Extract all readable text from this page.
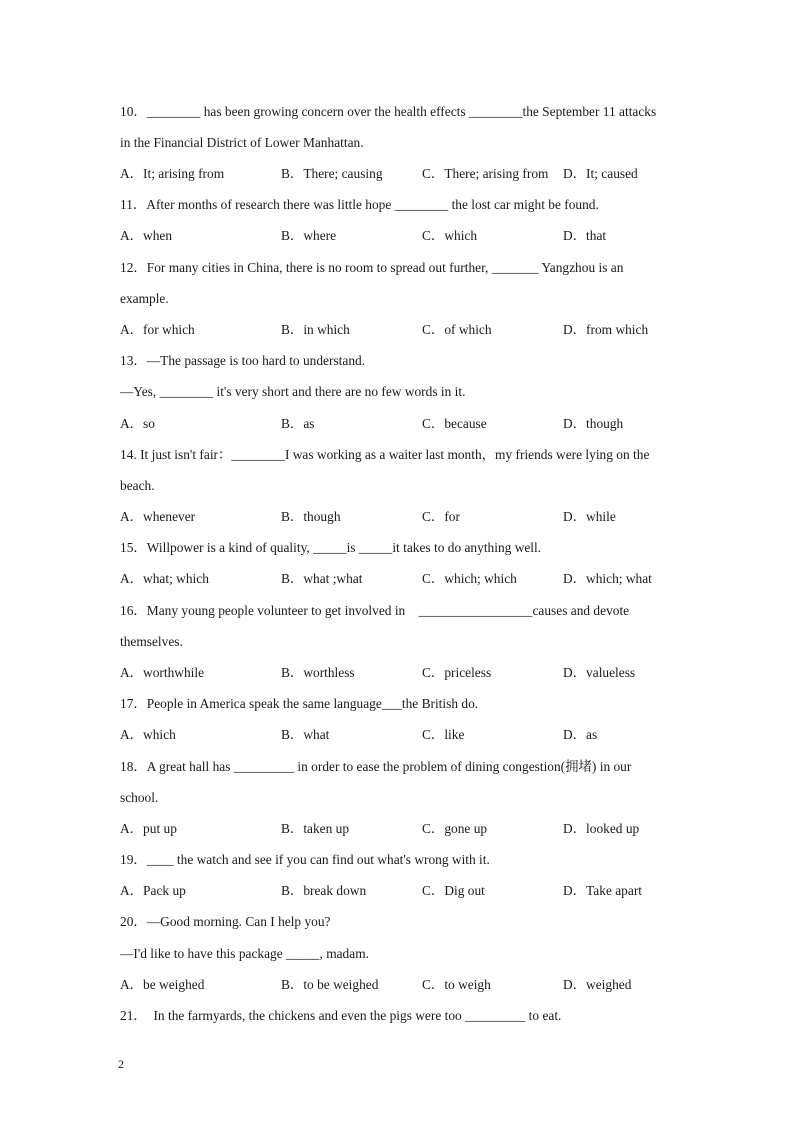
10．________ has been growing concern over the health effects ________the September 11 attacks
in the Financial District of Lower Manhattan.
A．It; arising from	B．There; causing	C．There; arising from D．It; caused
11．After months of research there was little hope ________ the lost car might be found.
A．when	B．where	C．which	D．that
12．For many cities in China, there is no room to spread out further, _______ Yangzhou is an
example.
A．for which	B．in which	C．of which	D．from which
13．—The passage is too hard to understand.
—Yes, ________ it's very short and there are no few words in it.
A．so	B．as	C．because	D．though
14. It just isn't fair：________I was working as a waiter last month，my friends were lying on the
beach.
A．whenever	B．though	C．for	D．while
15．Willpower is a kind of quality, _____is _____it takes to do anything well.
A．what; which	B．what ;what	C．which; which	D．which; what
16．Many young people volunteer to get involved in    _________________causes and devote
themselves.
A．worthwhile	B．worthless	C．priceless	D．valueless
17．People in America speak the same language___the British do.
A．which	B．what	C．like	D．as
18．A great hall has _________ in order to ease the problem of dining congestion(拥堵) in our
school.
A．put up	B．taken up	C．gone up	D．looked up
19．____ the watch and see if you can find out what's wrong with it.
A．Pack up	B．break down	C．Dig out	D．Take apart
20．—Good morning. Can I help you?
—I'd like to have this package _____, madam.
A．be weighed	B．to be weighed	C．to weigh	D．weighed
21．  In the farmyards, the chickens and even the pigs were too _________ to eat.
2
